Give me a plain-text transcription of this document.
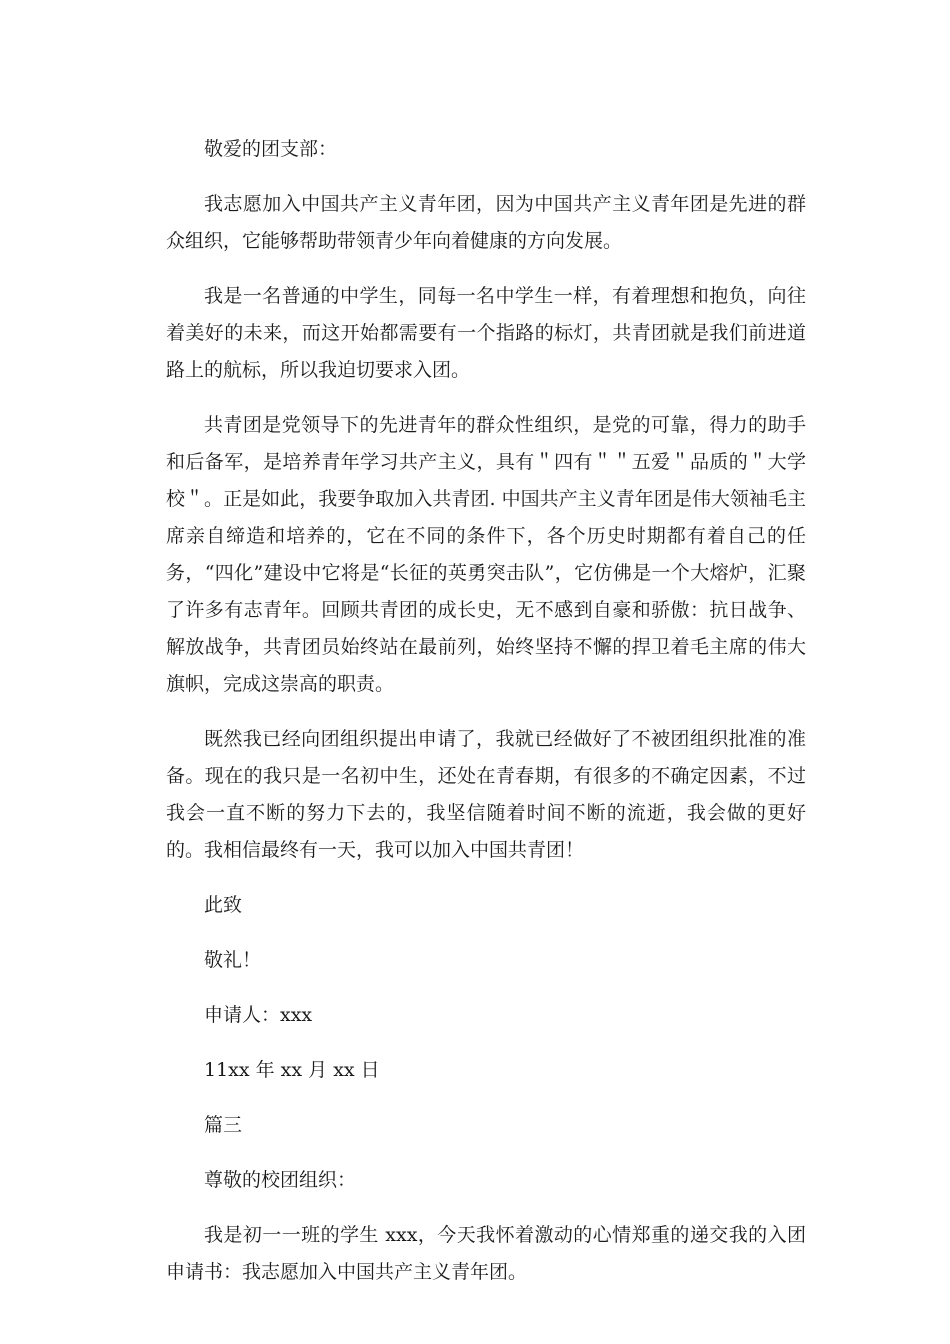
敬爱的团支部：

我志愿加入中国共产主义青年团，因为中国共产主义青年团是先进的群众组织，它能够帮助带领青少年向着健康的方向发展。

我是一名普通的中学生，同每一名中学生一样，有着理想和抱负，向往着美好的未来，而这开始都需要有一个指路的标灯，共青团就是我们前进道路上的航标，所以我迫切要求入团。

共青团是党领导下的先进青年的群众性组织，是党的可靠，得力的助手和后备军，是培养青年学习共产主义，具有＂四有＂＂五爱＂品质的＂大学校＂。正是如此，我要争取加入共青团. 中国共产主义青年团是伟大领袖毛主席亲自缔造和培养的，它在不同的条件下，各个历史时期都有着自己的任务，“四化”建设中它将是“长征的英勇突击队”，它仿佛是一个大熔炉，汇聚了许多有志青年。回顾共青团的成长史，无不感到自豪和骄傲：抗日战争、解放战争，共青团员始终站在最前列，始终坚持不懈的捍卫着毛主席的伟大旗帜，完成这崇高的职责。

既然我已经向团组织提出申请了，我就已经做好了不被团组织批准的准备。现在的我只是一名初中生，还处在青春期，有很多的不确定因素，不过我会一直不断的努力下去的，我坚信随着时间不断的流逝，我会做的更好的。我相信最终有一天，我可以加入中国共青团！

此致

敬礼！

申请人：xxx

11xx 年 xx 月 xx 日

篇三

尊敬的校团组织：

我是初一一班的学生 xxx，今天我怀着激动的心情郑重的递交我的入团申请书：我志愿加入中国共产主义青年团。
